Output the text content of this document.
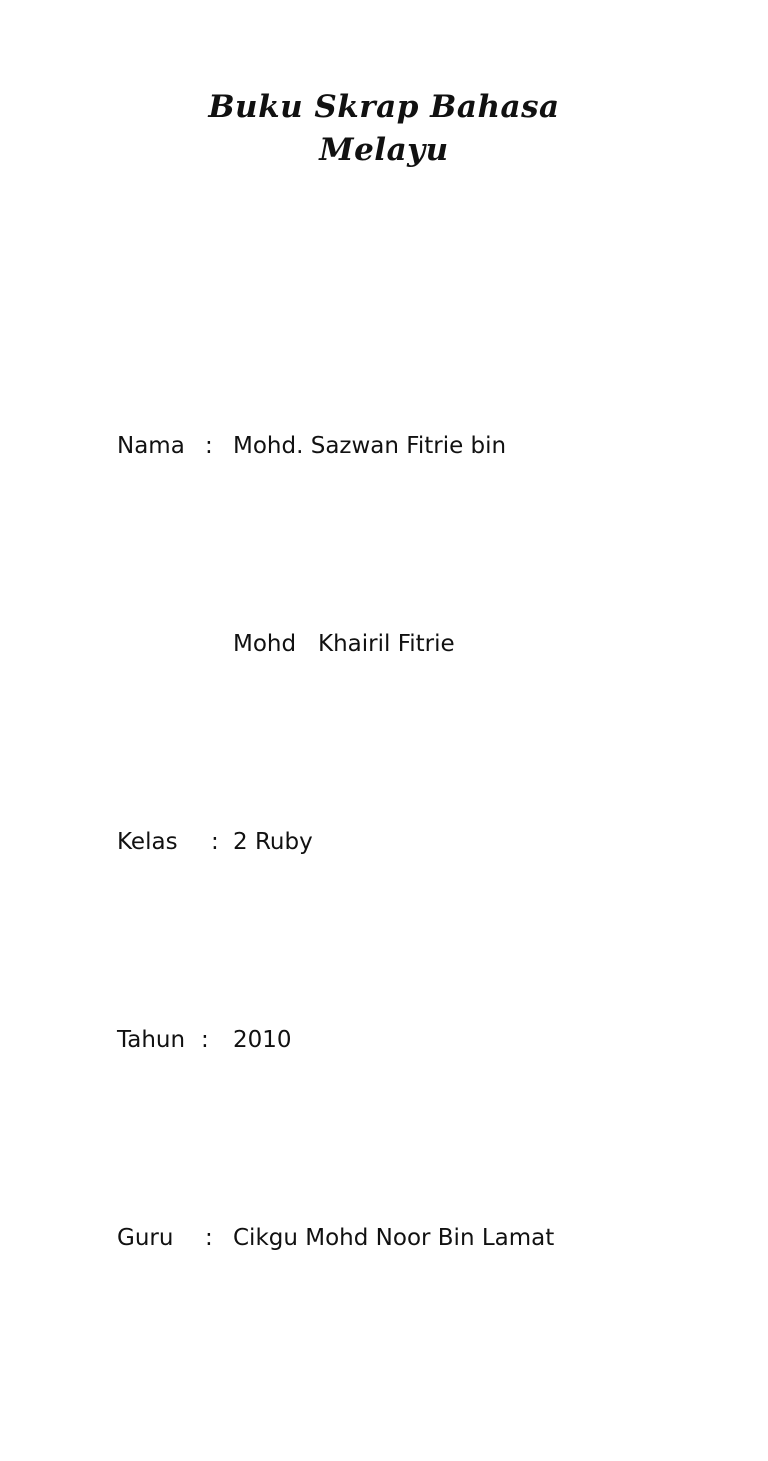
Buku Skrap Bahasa
Melayu

Nama

:

Mohd. Sazwan Fitrie bin

Mohd   Khairil Fitrie

Kelas

:

2 Ruby

Tahun

:

2010

Guru

:

Cikgu Mohd Noor Bin Lamat
